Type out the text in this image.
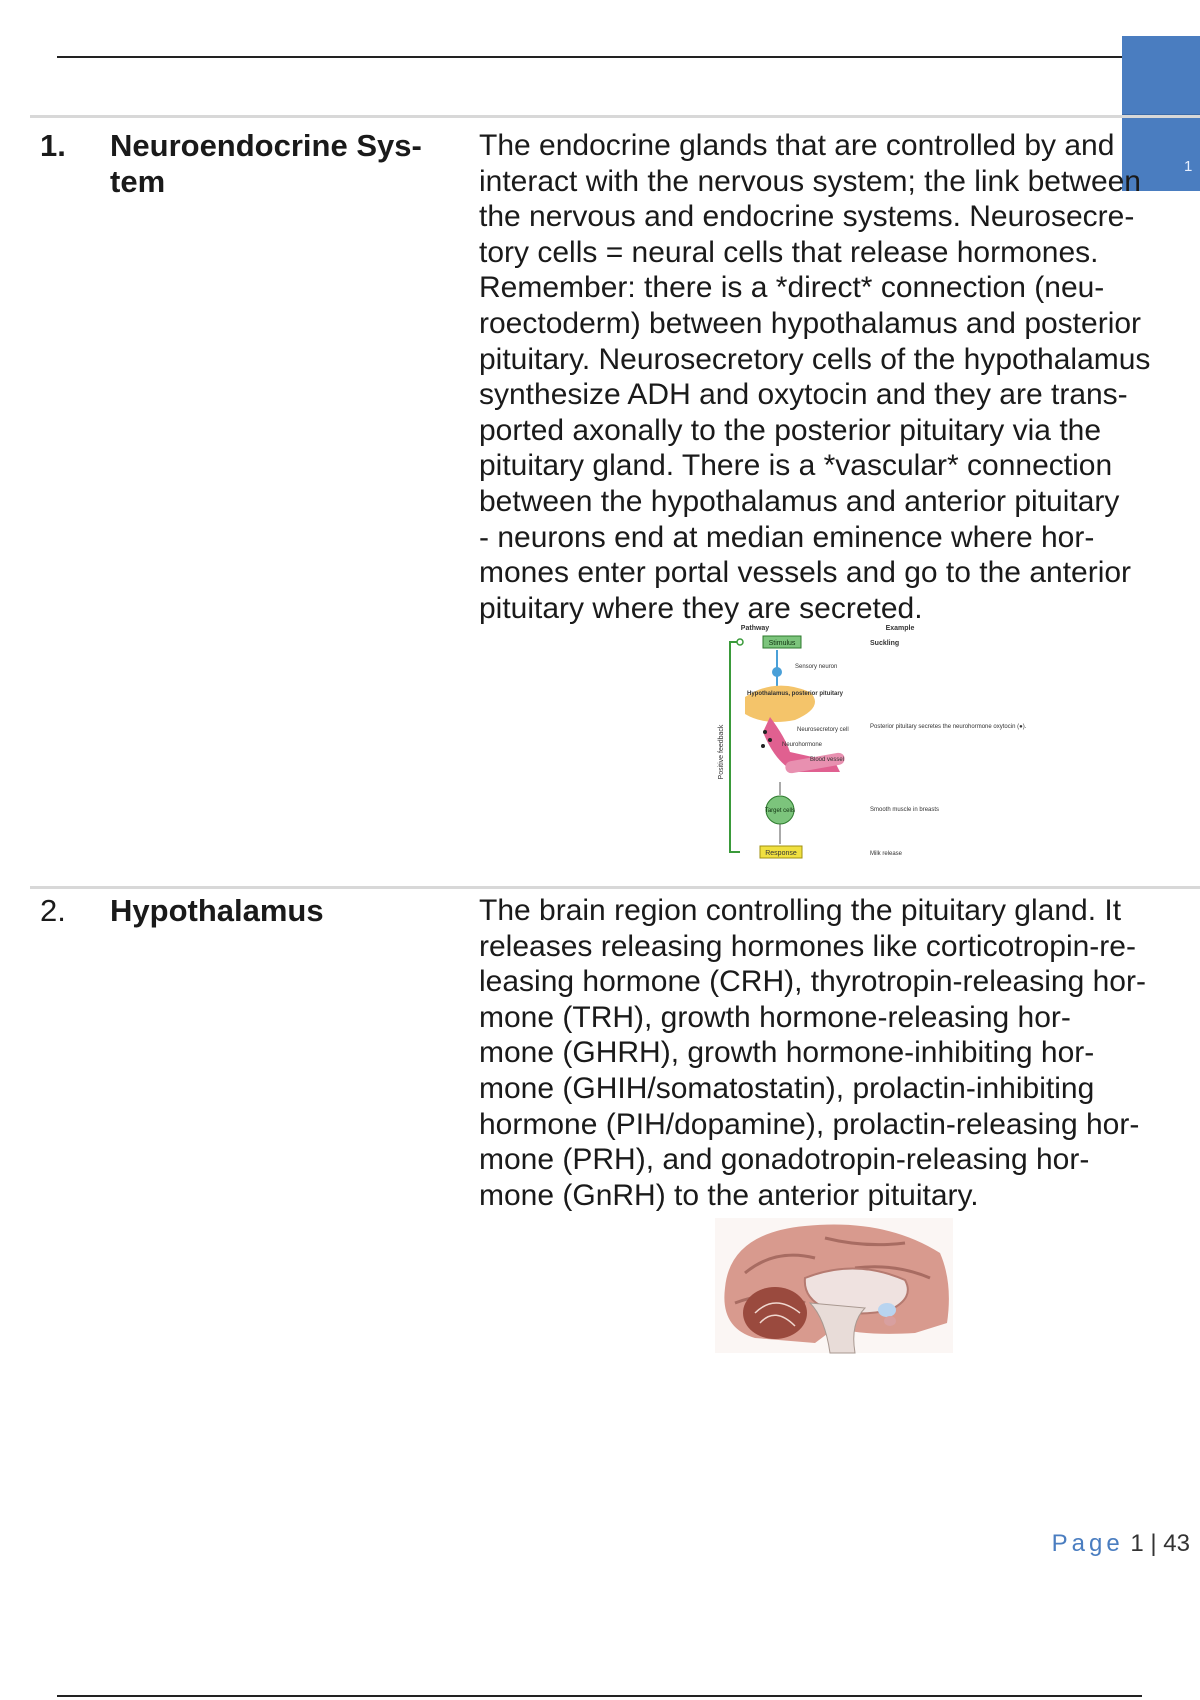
1
1. Neuroendocrine Sys-
tem

The endocrine glands that are controlled by and
interact with the nervous system; the link between
the nervous and endocrine systems. Neurosecre-
tory cells = neural cells that release hormones.
Remember: there is a *direct* connection (neu-
roectoderm) between hypothalamus and posterior
pituitary. Neurosecretory cells of the hypothalamus
synthesize ADH and oxytocin and they are trans-
ported axonally to the posterior pituitary via the
pituitary gland. There is a *vascular* connection
between the hypothalamus and anterior pituitary
- neurons end at median eminence where hor-
mones enter portal vessels and go to the anterior
pituitary where they are secreted.

Pathway	Example
Positive feedback
Stimulus	Suckling
Sensory neuron
Hypothalamus, posterior pituitary
Neurosecretory cell
Neurohormone
Blood vessel
Posterior pituitary secretes the neurohormone oxytocin (●).
Target cells	Smooth muscle in breasts
Response	Milk release
2. Hypothalamus	The brain region controlling the pituitary gland. It
releases releasing hormones like corticotropin-re-
leasing hormone (CRH), thyrotropin-releasing hor-
mone (TRH), growth hormone-releasing hor-
mone (GHRH), growth hormone-inhibiting hor-
mone (GHIH/somatostatin), prolactin-inhibiting
hormone (PIH/dopamine), prolactin-releasing hor-
mone (PRH), and gonadotropin-releasing hor-
mone (GnRH) to the anterior pituitary.

Page 1 | 43
